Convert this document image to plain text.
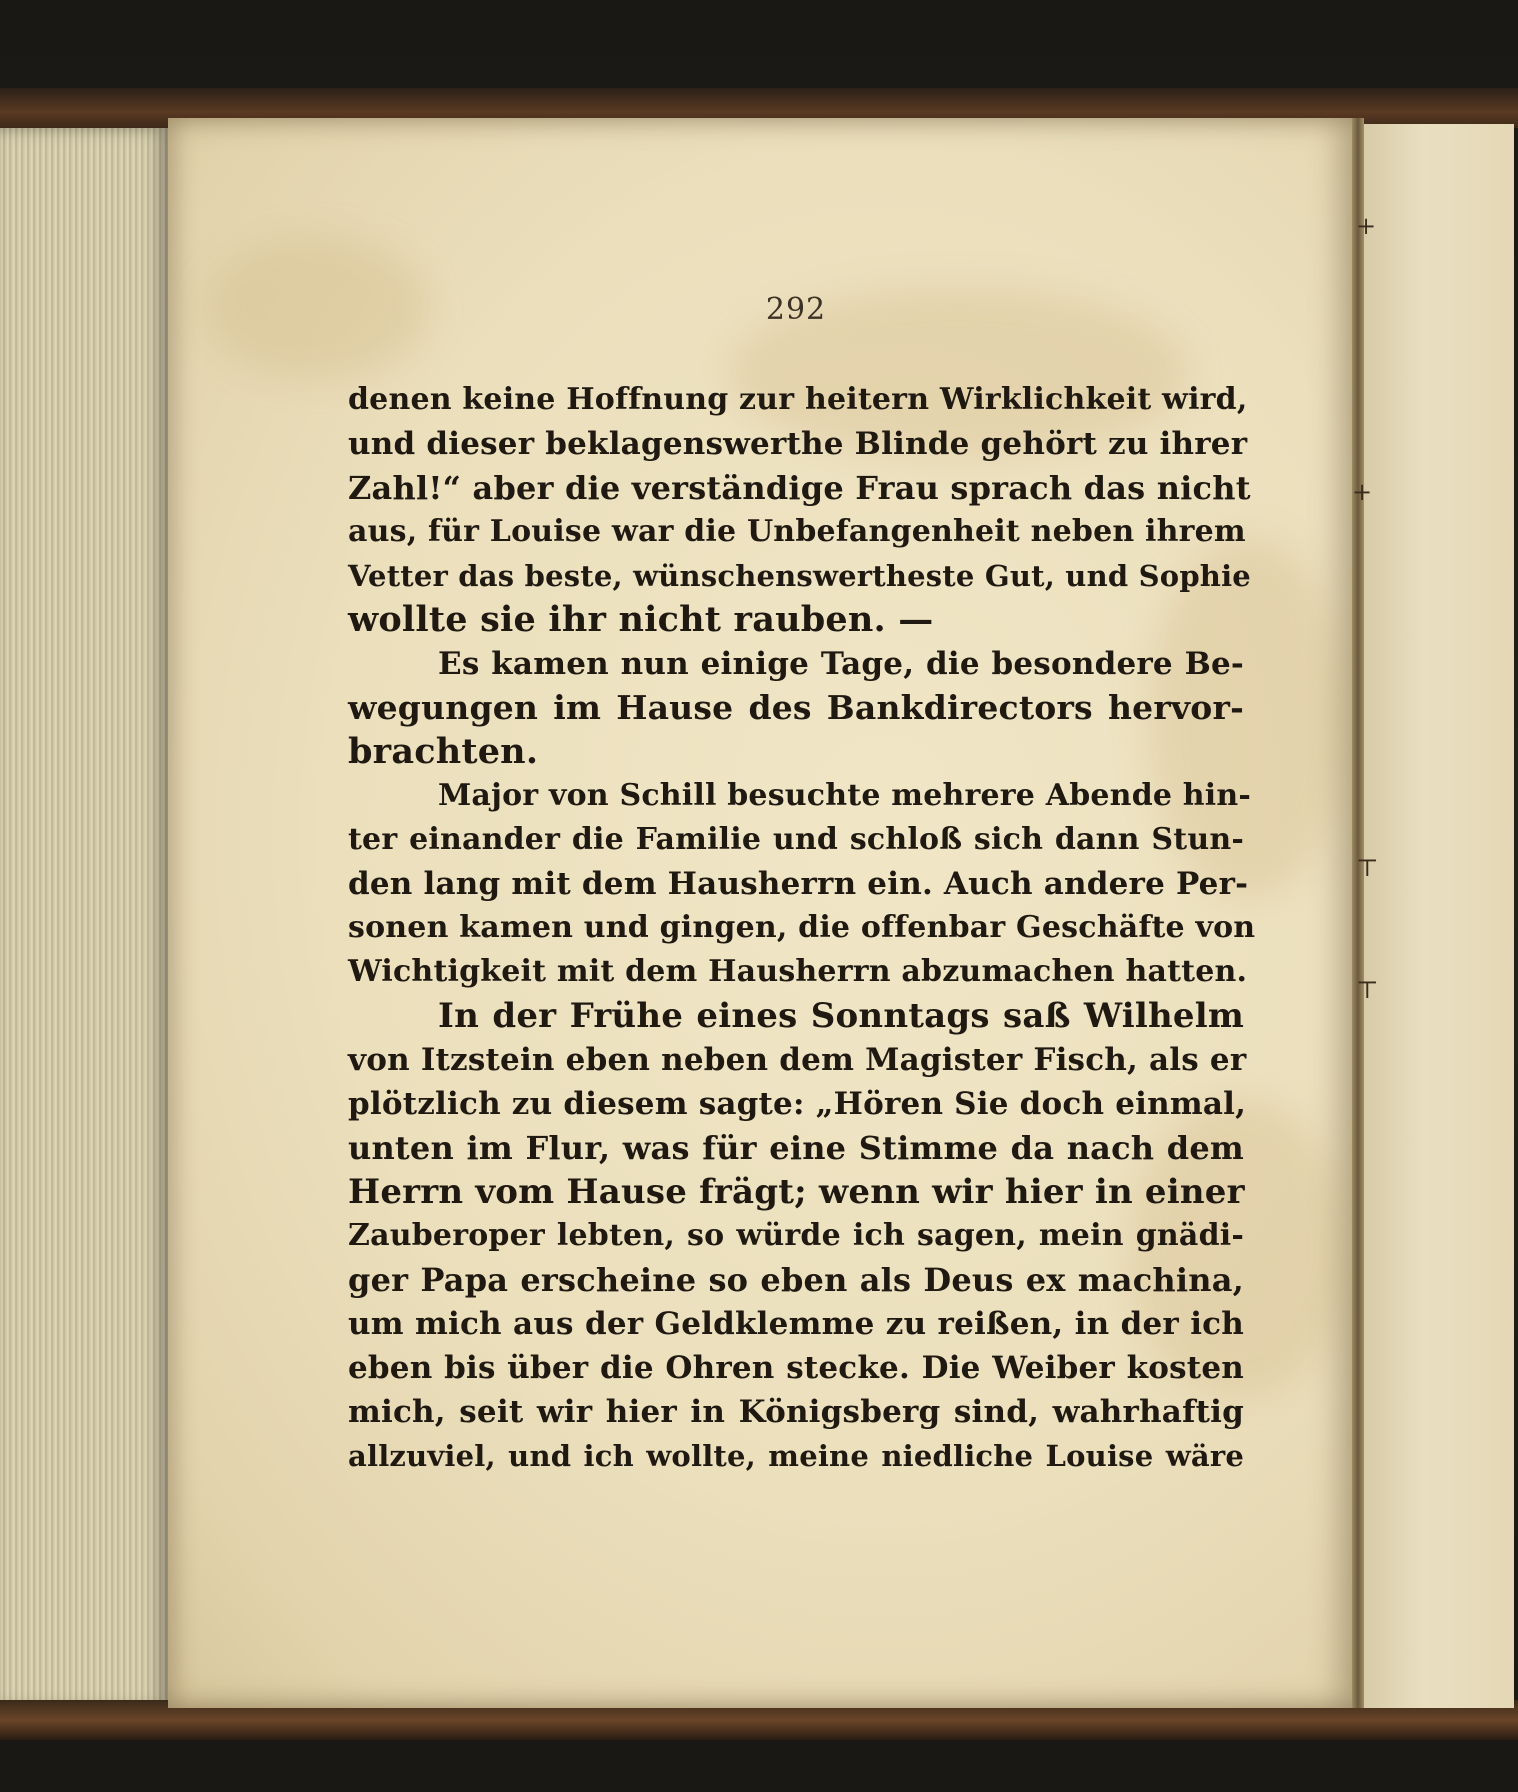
+
+
⊤
⊤
292
denen keine Hoffnung zur heitern Wirklichkeit wird,
und dieser beklagenswerthe Blinde gehört zu ihrer
Zahl!“ aber die verständige Frau sprach das nicht
aus, für Louise war die Unbefangenheit neben ihrem
Vetter das beste, wünschenswertheste Gut, und Sophie
wollte sie ihr nicht rauben. —
Es kamen nun einige Tage, die besondere Be-
wegungen im Hause des Bankdirectors hervor-
brachten.
Major von Schill besuchte mehrere Abende hin-
ter einander die Familie und schloß sich dann Stun-
den lang mit dem Hausherrn ein. Auch andere Per-
sonen kamen und gingen, die offenbar Geschäfte von
Wichtigkeit mit dem Hausherrn abzumachen hatten.
In der Frühe eines Sonntags saß Wilhelm
von Itzstein eben neben dem Magister Fisch, als er
plötzlich zu diesem sagte: „Hören Sie doch einmal,
unten im Flur, was für eine Stimme da nach dem
Herrn vom Hause frägt; wenn wir hier in einer
Zauberoper lebten, so würde ich sagen, mein gnädi-
ger Papa erscheine so eben als Deus ex machina,
um mich aus der Geldklemme zu reißen, in der ich
eben bis über die Ohren stecke. Die Weiber kosten
mich, seit wir hier in Königsberg sind, wahrhaftig
allzuviel, und ich wollte, meine niedliche Louise wäre
